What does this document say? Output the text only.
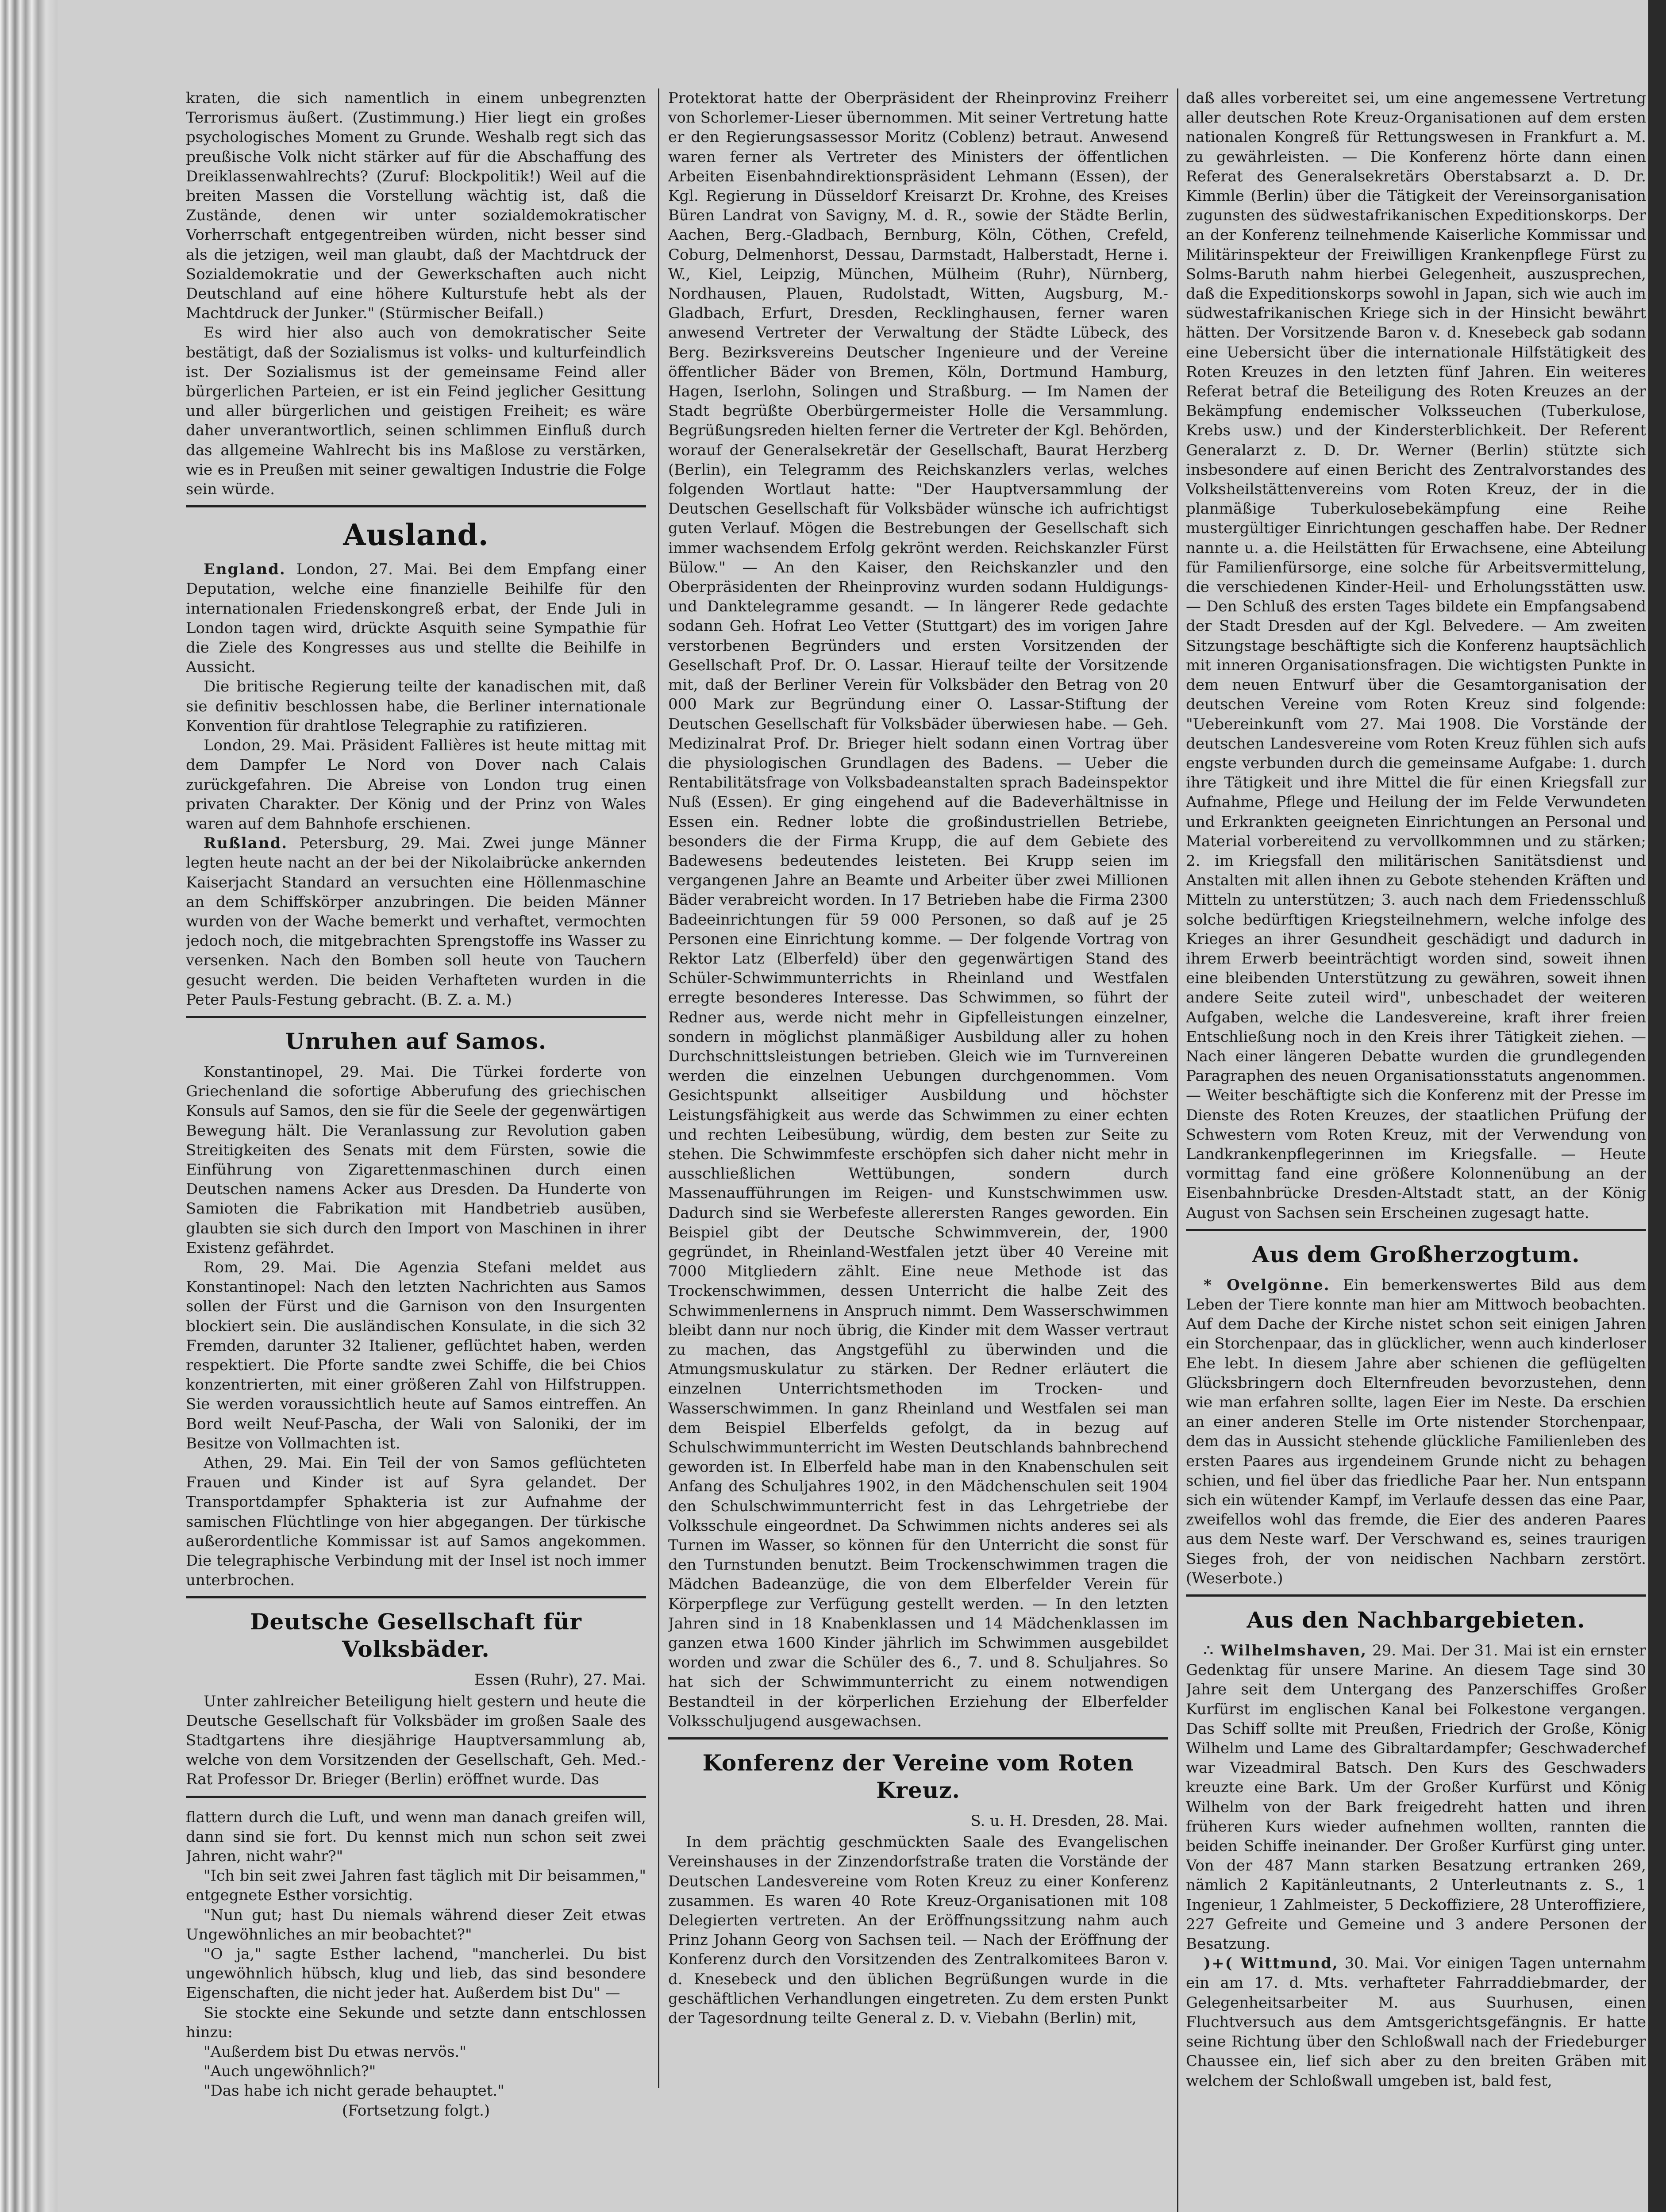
kraten, die sich namentlich in einem unbegrenzten Terrorismus äußert. (Zustimmung.) Hier liegt ein großes psychologisches Moment zu Grunde. Weshalb regt sich das preußische Volk nicht stärker auf für die Abschaffung des Dreiklassenwahlrechts? (Zuruf: Blockpolitik!) Weil auf die breiten Massen die Vorstellung wächtig ist, daß die Zustände, denen wir unter sozialdemokratischer Vorherrschaft entgegentreiben würden, nicht besser sind als die jetzigen, weil man glaubt, daß der Machtdruck der Sozialdemokratie und der Gewerkschaften auch nicht Deutschland auf eine höhere Kulturstufe hebt als der Machtdruck der Junker." (Stürmischer Beifall.)

Es wird hier also auch von demokratischer Seite bestätigt, daß der Sozialismus ist volks- und kulturfeindlich ist. Der Sozialismus ist der gemeinsame Feind aller bürgerlichen Parteien, er ist ein Feind jeglicher Gesittung und aller bürgerlichen und geistigen Freiheit; es wäre daher unverantwortlich, seinen schlimmen Einfluß durch das allgemeine Wahlrecht bis ins Maßlose zu verstärken, wie es in Preußen mit seiner gewaltigen Industrie die Folge sein würde.

Ausland.

England. London, 27. Mai. Bei dem Empfang einer Deputation, welche eine finanzielle Beihilfe für den internationalen Friedenskongreß erbat, der Ende Juli in London tagen wird, drückte Asquith seine Sympathie für die Ziele des Kongresses aus und stellte die Beihilfe in Aussicht.

Die britische Regierung teilte der kanadischen mit, daß sie definitiv beschlossen habe, die Berliner internationale Konvention für drahtlose Telegraphie zu ratifizieren.

London, 29. Mai. Präsident Fallières ist heute mittag mit dem Dampfer Le Nord von Dover nach Calais zurückgefahren. Die Abreise von London trug einen privaten Charakter. Der König und der Prinz von Wales waren auf dem Bahnhofe erschienen.

Rußland. Petersburg, 29. Mai. Zwei junge Männer legten heute nacht an der bei der Nikolaibrücke ankernden Kaiserjacht Standard an versuchten eine Höllenmaschine an dem Schiffskörper anzubringen. Die beiden Männer wurden von der Wache bemerkt und verhaftet, vermochten jedoch noch, die mitgebrachten Sprengstoffe ins Wasser zu versenken. Nach den Bomben soll heute von Tauchern gesucht werden. Die beiden Verhafteten wurden in die Peter Pauls-Festung gebracht. (B. Z. a. M.)

Unruhen auf Samos.

Konstantinopel, 29. Mai. Die Türkei forderte von Griechenland die sofortige Abberufung des griechischen Konsuls auf Samos, den sie für die Seele der gegenwärtigen Bewegung hält. Die Veranlassung zur Revolution gaben Streitigkeiten des Senats mit dem Fürsten, sowie die Einführung von Zigarettenmaschinen durch einen Deutschen namens Acker aus Dresden. Da Hunderte von Samioten die Fabrikation mit Handbetrieb ausüben, glaubten sie sich durch den Import von Maschinen in ihrer Existenz gefährdet.

Rom, 29. Mai. Die Agenzia Stefani meldet aus Konstantinopel: Nach den letzten Nachrichten aus Samos sollen der Fürst und die Garnison von den Insurgenten blockiert sein. Die ausländischen Konsulate, in die sich 32 Fremden, darunter 32 Italiener, geflüchtet haben, werden respektiert. Die Pforte sandte zwei Schiffe, die bei Chios konzentrierten, mit einer größeren Zahl von Hilfstruppen. Sie werden voraussichtlich heute auf Samos eintreffen. An Bord weilt Neuf-Pascha, der Wali von Saloniki, der im Besitze von Vollmachten ist.

Athen, 29. Mai. Ein Teil der von Samos geflüchteten Frauen und Kinder ist auf Syra gelandet. Der Transportdampfer Sphakteria ist zur Aufnahme der samischen Flüchtlinge von hier abgegangen. Der türkische außerordentliche Kommissar ist auf Samos angekommen. Die telegraphische Verbindung mit der Insel ist noch immer unterbrochen.

Deutsche Gesellschaft für Volksbäder.

Essen (Ruhr), 27. Mai.

Unter zahlreicher Beteiligung hielt gestern und heute die Deutsche Gesellschaft für Volksbäder im großen Saale des Stadtgartens ihre diesjährige Hauptversammlung ab, welche von dem Vorsitzenden der Gesellschaft, Geh. Med.-Rat Professor Dr. Brieger (Berlin) eröffnet wurde. Das

flattern durch die Luft, und wenn man danach greifen will, dann sind sie fort. Du kennst mich nun schon seit zwei Jahren, nicht wahr?"

"Ich bin seit zwei Jahren fast täglich mit Dir beisammen," entgegnete Esther vorsichtig.

"Nun gut; hast Du niemals während dieser Zeit etwas Ungewöhnliches an mir beobachtet?"

"O ja," sagte Esther lachend, "mancherlei. Du bist ungewöhnlich hübsch, klug und lieb, das sind besondere Eigenschaften, die nicht jeder hat. Außerdem bist Du" —

Sie stockte eine Sekunde und setzte dann entschlossen hinzu:

"Außerdem bist Du etwas nervös."

"Auch ungewöhnlich?"

"Das habe ich nicht gerade behauptet."

(Fortsetzung folgt.)

Protektorat hatte der Oberpräsident der Rheinprovinz Freiherr von Schorlemer-Lieser übernommen. Mit seiner Vertretung hatte er den Regierungsassessor Moritz (Coblenz) betraut. Anwesend waren ferner als Vertreter des Ministers der öffentlichen Arbeiten Eisenbahndirektionspräsident Lehmann (Essen), der Kgl. Regierung in Düsseldorf Kreisarzt Dr. Krohne, des Kreises Büren Landrat von Savigny, M. d. R., sowie der Städte Berlin, Aachen, Berg.-Gladbach, Bernburg, Köln, Cöthen, Crefeld, Coburg, Delmenhorst, Dessau, Darmstadt, Halberstadt, Herne i. W., Kiel, Leipzig, München, Mülheim (Ruhr), Nürnberg, Nordhausen, Plauen, Rudolstadt, Witten, Augsburg, M.-Gladbach, Erfurt, Dresden, Recklinghausen, ferner waren anwesend Vertreter der Verwaltung der Städte Lübeck, des Berg. Bezirksvereins Deutscher Ingenieure und der Vereine öffentlicher Bäder von Bremen, Köln, Dortmund Hamburg, Hagen, Iserlohn, Solingen und Straßburg. — Im Namen der Stadt begrüßte Oberbürgermeister Holle die Versammlung. Begrüßungsreden hielten ferner die Vertreter der Kgl. Behörden, worauf der Generalsekretär der Gesellschaft, Baurat Herzberg (Berlin), ein Telegramm des Reichskanzlers verlas, welches folgenden Wortlaut hatte: "Der Hauptversammlung der Deutschen Gesellschaft für Volksbäder wünsche ich aufrichtigst guten Verlauf. Mögen die Bestrebungen der Gesellschaft sich immer wachsendem Erfolg gekrönt werden. Reichskanzler Fürst Bülow." — An den Kaiser, den Reichskanzler und den Oberpräsidenten der Rheinprovinz wurden sodann Huldigungs- und Danktelegramme gesandt. — In längerer Rede gedachte sodann Geh. Hofrat Leo Vetter (Stuttgart) des im vorigen Jahre verstorbenen Begründers und ersten Vorsitzenden der Gesellschaft Prof. Dr. O. Lassar. Hierauf teilte der Vorsitzende mit, daß der Berliner Verein für Volksbäder den Betrag von 20 000 Mark zur Begründung einer O. Lassar-Stiftung der Deutschen Gesellschaft für Volksbäder überwiesen habe. — Geh. Medizinalrat Prof. Dr. Brieger hielt sodann einen Vortrag über die physiologischen Grundlagen des Badens. — Ueber die Rentabilitätsfrage von Volksbadeanstalten sprach Badeinspektor Nuß (Essen). Er ging eingehend auf die Badeverhältnisse in Essen ein. Redner lobte die großindustriellen Betriebe, besonders die der Firma Krupp, die auf dem Gebiete des Badewesens bedeutendes leisteten. Bei Krupp seien im vergangenen Jahre an Beamte und Arbeiter über zwei Millionen Bäder verabreicht worden. In 17 Betrieben habe die Firma 2300 Badeeinrichtungen für 59 000 Personen, so daß auf je 25 Personen eine Einrichtung komme. — Der folgende Vortrag von Rektor Latz (Elberfeld) über den gegenwärtigen Stand des Schüler-Schwimmunterrichts in Rheinland und Westfalen erregte besonderes Interesse. Das Schwimmen, so führt der Redner aus, werde nicht mehr in Gipfelleistungen einzelner, sondern in möglichst planmäßiger Ausbildung aller zu hohen Durchschnittsleistungen betrieben. Gleich wie im Turnvereinen werden die einzelnen Uebungen durchgenommen. Vom Gesichtspunkt allseitiger Ausbildung und höchster Leistungsfähigkeit aus werde das Schwimmen zu einer echten und rechten Leibesübung, würdig, dem besten zur Seite zu stehen. Die Schwimmfeste erschöpfen sich daher nicht mehr in ausschließlichen Wettübungen, sondern durch Massenaufführungen im Reigen- und Kunstschwimmen usw. Dadurch sind sie Werbefeste allerersten Ranges geworden. Ein Beispiel gibt der Deutsche Schwimmverein, der, 1900 gegründet, in Rheinland-Westfalen jetzt über 40 Vereine mit 7000 Mitgliedern zählt. Eine neue Methode ist das Trockenschwimmen, dessen Unterricht die halbe Zeit des Schwimmenlernens in Anspruch nimmt. Dem Wasserschwimmen bleibt dann nur noch übrig, die Kinder mit dem Wasser vertraut zu machen, das Angstgefühl zu überwinden und die Atmungsmuskulatur zu stärken. Der Redner erläutert die einzelnen Unterrichtsmethoden im Trocken- und Wasserschwimmen. In ganz Rheinland und Westfalen sei man dem Beispiel Elberfelds gefolgt, da in bezug auf Schulschwimmunterricht im Westen Deutschlands bahnbrechend geworden ist. In Elberfeld habe man in den Knabenschulen seit Anfang des Schuljahres 1902, in den Mädchenschulen seit 1904 den Schulschwimmunterricht fest in das Lehrgetriebe der Volksschule eingeordnet. Da Schwimmen nichts anderes sei als Turnen im Wasser, so können für den Unterricht die sonst für den Turnstunden benutzt. Beim Trockenschwimmen tragen die Mädchen Badeanzüge, die von dem Elberfelder Verein für Körperpflege zur Verfügung gestellt werden. — In den letzten Jahren sind in 18 Knabenklassen und 14 Mädchenklassen im ganzen etwa 1600 Kinder jährlich im Schwimmen ausgebildet worden und zwar die Schüler des 6., 7. und 8. Schuljahres. So hat sich der Schwimmunterricht zu einem notwendigen Bestandteil in der körperlichen Erziehung der Elberfelder Volksschuljugend ausgewachsen.

Konferenz der Vereine vom Roten Kreuz.

S. u. H. Dresden, 28. Mai.

In dem prächtig geschmückten Saale des Evangelischen Vereinshauses in der Zinzendorfstraße traten die Vorstände der Deutschen Landesvereine vom Roten Kreuz zu einer Konferenz zusammen. Es waren 40 Rote Kreuz-Organisationen mit 108 Delegierten vertreten. An der Eröffnungssitzung nahm auch Prinz Johann Georg von Sachsen teil. — Nach der Eröffnung der Konferenz durch den Vorsitzenden des Zentralkomitees Baron v. d. Knesebeck und den üblichen Begrüßungen wurde in die geschäftlichen Verhandlungen eingetreten. Zu dem ersten Punkt der Tagesordnung teilte General z. D. v. Viebahn (Berlin) mit,

daß alles vorbereitet sei, um eine angemessene Vertretung aller deutschen Rote Kreuz-Organisationen auf dem ersten nationalen Kongreß für Rettungswesen in Frankfurt a. M. zu gewährleisten. — Die Konferenz hörte dann einen Referat des Generalsekretärs Oberstabsarzt a. D. Dr. Kimmle (Berlin) über die Tätigkeit der Vereinsorganisation zugunsten des südwestafrikanischen Expeditionskorps. Der an der Konferenz teilnehmende Kaiserliche Kommissar und Militärinspekteur der Freiwilligen Krankenpflege Fürst zu Solms-Baruth nahm hierbei Gelegenheit, auszusprechen, daß die Expeditionskorps sowohl in Japan, sich wie auch im südwestafrikanischen Kriege sich in der Hinsicht bewährt hätten. Der Vorsitzende Baron v. d. Knesebeck gab sodann eine Uebersicht über die internationale Hilfstätigkeit des Roten Kreuzes in den letzten fünf Jahren. Ein weiteres Referat betraf die Beteiligung des Roten Kreuzes an der Bekämpfung endemischer Volksseuchen (Tuberkulose, Krebs usw.) und der Kindersterblichkeit. Der Referent Generalarzt z. D. Dr. Werner (Berlin) stützte sich insbesondere auf einen Bericht des Zentralvorstandes des Volksheilstättenvereins vom Roten Kreuz, der in die planmäßige Tuberkulosebekämpfung eine Reihe mustergültiger Einrichtungen geschaffen habe. Der Redner nannte u. a. die Heilstätten für Erwachsene, eine Abteilung für Familienfürsorge, eine solche für Arbeitsvermittelung, die verschiedenen Kinder-Heil- und Erholungsstätten usw. — Den Schluß des ersten Tages bildete ein Empfangsabend der Stadt Dresden auf der Kgl. Belvedere. — Am zweiten Sitzungstage beschäftigte sich die Konferenz hauptsächlich mit inneren Organisationsfragen. Die wichtigsten Punkte in dem neuen Entwurf über die Gesamtorganisation der deutschen Vereine vom Roten Kreuz sind folgende: "Uebereinkunft vom 27. Mai 1908. Die Vorstände der deutschen Landesvereine vom Roten Kreuz fühlen sich aufs engste verbunden durch die gemeinsame Aufgabe: 1. durch ihre Tätigkeit und ihre Mittel die für einen Kriegsfall zur Aufnahme, Pflege und Heilung der im Felde Verwundeten und Erkrankten geeigneten Einrichtungen an Personal und Material vorbereitend zu vervollkommnen und zu stärken; 2. im Kriegsfall den militärischen Sanitätsdienst und Anstalten mit allen ihnen zu Gebote stehenden Kräften und Mitteln zu unterstützen; 3. auch nach dem Friedensschluß solche bedürftigen Kriegsteilnehmern, welche infolge des Krieges an ihrer Gesundheit geschädigt und dadurch in ihrem Erwerb beeinträchtigt worden sind, soweit ihnen eine bleibenden Unterstützung zu gewähren, soweit ihnen andere Seite zuteil wird", unbeschadet der weiteren Aufgaben, welche die Landesvereine, kraft ihrer freien Entschließung noch in den Kreis ihrer Tätigkeit ziehen. — Nach einer längeren Debatte wurden die grundlegenden Paragraphen des neuen Organisationsstatuts angenommen. — Weiter beschäftigte sich die Konferenz mit der Presse im Dienste des Roten Kreuzes, der staatlichen Prüfung der Schwestern vom Roten Kreuz, mit der Verwendung von Landkrankenpflegerinnen im Kriegsfalle. — Heute vormittag fand eine größere Kolonnenübung an der Eisenbahnbrücke Dresden-Altstadt statt, an der König August von Sachsen sein Erscheinen zugesagt hatte.

Aus dem Großherzogtum.

* Ovelgönne. Ein bemerkenswertes Bild aus dem Leben der Tiere konnte man hier am Mittwoch beobachten. Auf dem Dache der Kirche nistet schon seit einigen Jahren ein Storchenpaar, das in glücklicher, wenn auch kinderloser Ehe lebt. In diesem Jahre aber schienen die geflügelten Glücksbringern doch Elternfreuden bevorzustehen, denn wie man erfahren sollte, lagen Eier im Neste. Da erschien an einer anderen Stelle im Orte nistender Storchenpaar, dem das in Aussicht stehende glückliche Familienleben des ersten Paares aus irgendeinem Grunde nicht zu behagen schien, und fiel über das friedliche Paar her. Nun entspann sich ein wütender Kampf, im Verlaufe dessen das eine Paar, zweifellos wohl das fremde, die Eier des anderen Paares aus dem Neste warf. Der Verschwand es, seines traurigen Sieges froh, der von neidischen Nachbarn zerstört. (Weserbote.)

Aus den Nachbargebieten.

∴ Wilhelmshaven, 29. Mai. Der 31. Mai ist ein ernster Gedenktag für unsere Marine. An diesem Tage sind 30 Jahre seit dem Untergang des Panzerschiffes Großer Kurfürst im englischen Kanal bei Folkestone vergangen. Das Schiff sollte mit Preußen, Friedrich der Große, König Wilhelm und Lame des Gibraltardampfer; Geschwaderchef war Vizeadmiral Batsch. Den Kurs des Geschwaders kreuzte eine Bark. Um der Großer Kurfürst und König Wilhelm von der Bark freigedreht hatten und ihren früheren Kurs wieder aufnehmen wollten, rannten die beiden Schiffe ineinander. Der Großer Kurfürst ging unter. Von der 487 Mann starken Besatzung ertranken 269, nämlich 2 Kapitänleutnants, 2 Unterleutnants z. S., 1 Ingenieur, 1 Zahlmeister, 5 Deckoffiziere, 28 Unteroffiziere, 227 Gefreite und Gemeine und 3 andere Personen der Besatzung.

)+( Wittmund, 30. Mai. Vor einigen Tagen unternahm ein am 17. d. Mts. verhafteter Fahrraddiebmarder, der Gelegenheitsarbeiter M. aus Suurhusen, einen Fluchtversuch aus dem Amtsgerichtsgefängnis. Er hatte seine Richtung über den Schloßwall nach der Friedeburger Chaussee ein, lief sich aber zu den breiten Gräben mit welchem der Schloßwall umgeben ist, bald fest,
